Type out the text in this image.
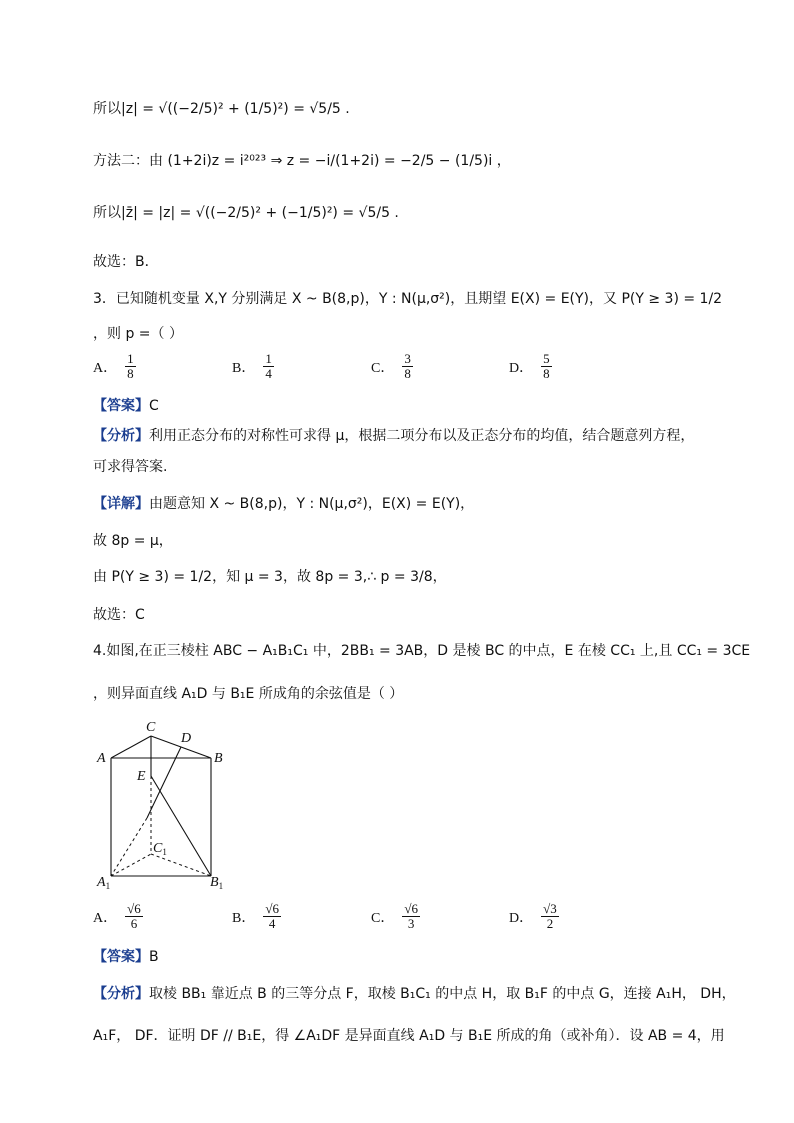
所以|z| = √((−2/5)² + (1/5)²) = √5/5 .
方法二：由 (1+2i)z = i²⁰²³ ⇒ z = −i/(1+2i) = −2/5 − (1/5)i ，
所以|z̄| = |z| = √((−2/5)² + (−1/5)²) = √5/5 .
故选：B．
3．已知随机变量 X,Y 分别满足 X ~ B(8,p)，Y : N(μ,σ²)，且期望 E(X) = E(Y)，又 P(Y ≥ 3) = 1/2
，则 p =（ ）
A． $\frac{1}{8}$	B． $\frac{1}{4}$	C． $\frac{3}{8}$	D． $\frac{5}{8}$
【答案】C
【分析】利用正态分布的对称性可求得 μ，根据二项分布以及正态分布的均值，结合题意列方程，
可求得答案.
【详解】由题意知 X ~ B(8,p)，Y : N(μ,σ²)，E(X) = E(Y)，
故 8p = μ，
由 P(Y ≥ 3) = 1/2，知 μ = 3，故 8p = 3,∴ p = 3/8，
故选：C
4.如图,在正三棱柱 ABC − A₁B₁C₁ 中，2BB₁ = 3AB，D 是棱 BC 的中点，E 在棱 CC₁ 上,且 CC₁ = 3CE
，则异面直线 A₁D 与 B₁E 所成角的余弦值是（ ）
A
C
D
B
E
$C_1$
$A_1$	$B_1$
A． $\frac{√6}{6}$	B． $\frac{√6}{4}$	C． $\frac{√6}{3}$	D． $\frac{√3}{2}$
【答案】B
【分析】取棱 BB₁ 靠近点 B 的三等分点 F，取棱 B₁C₁ 的中点 H，取 B₁F 的中点 G，连接 A₁H， DH，
A₁F， DF．证明 DF // B₁E，得 ∠A₁DF 是异面直线 A₁D 与 B₁E 所成的角（或补角）．设 AB = 4，用
